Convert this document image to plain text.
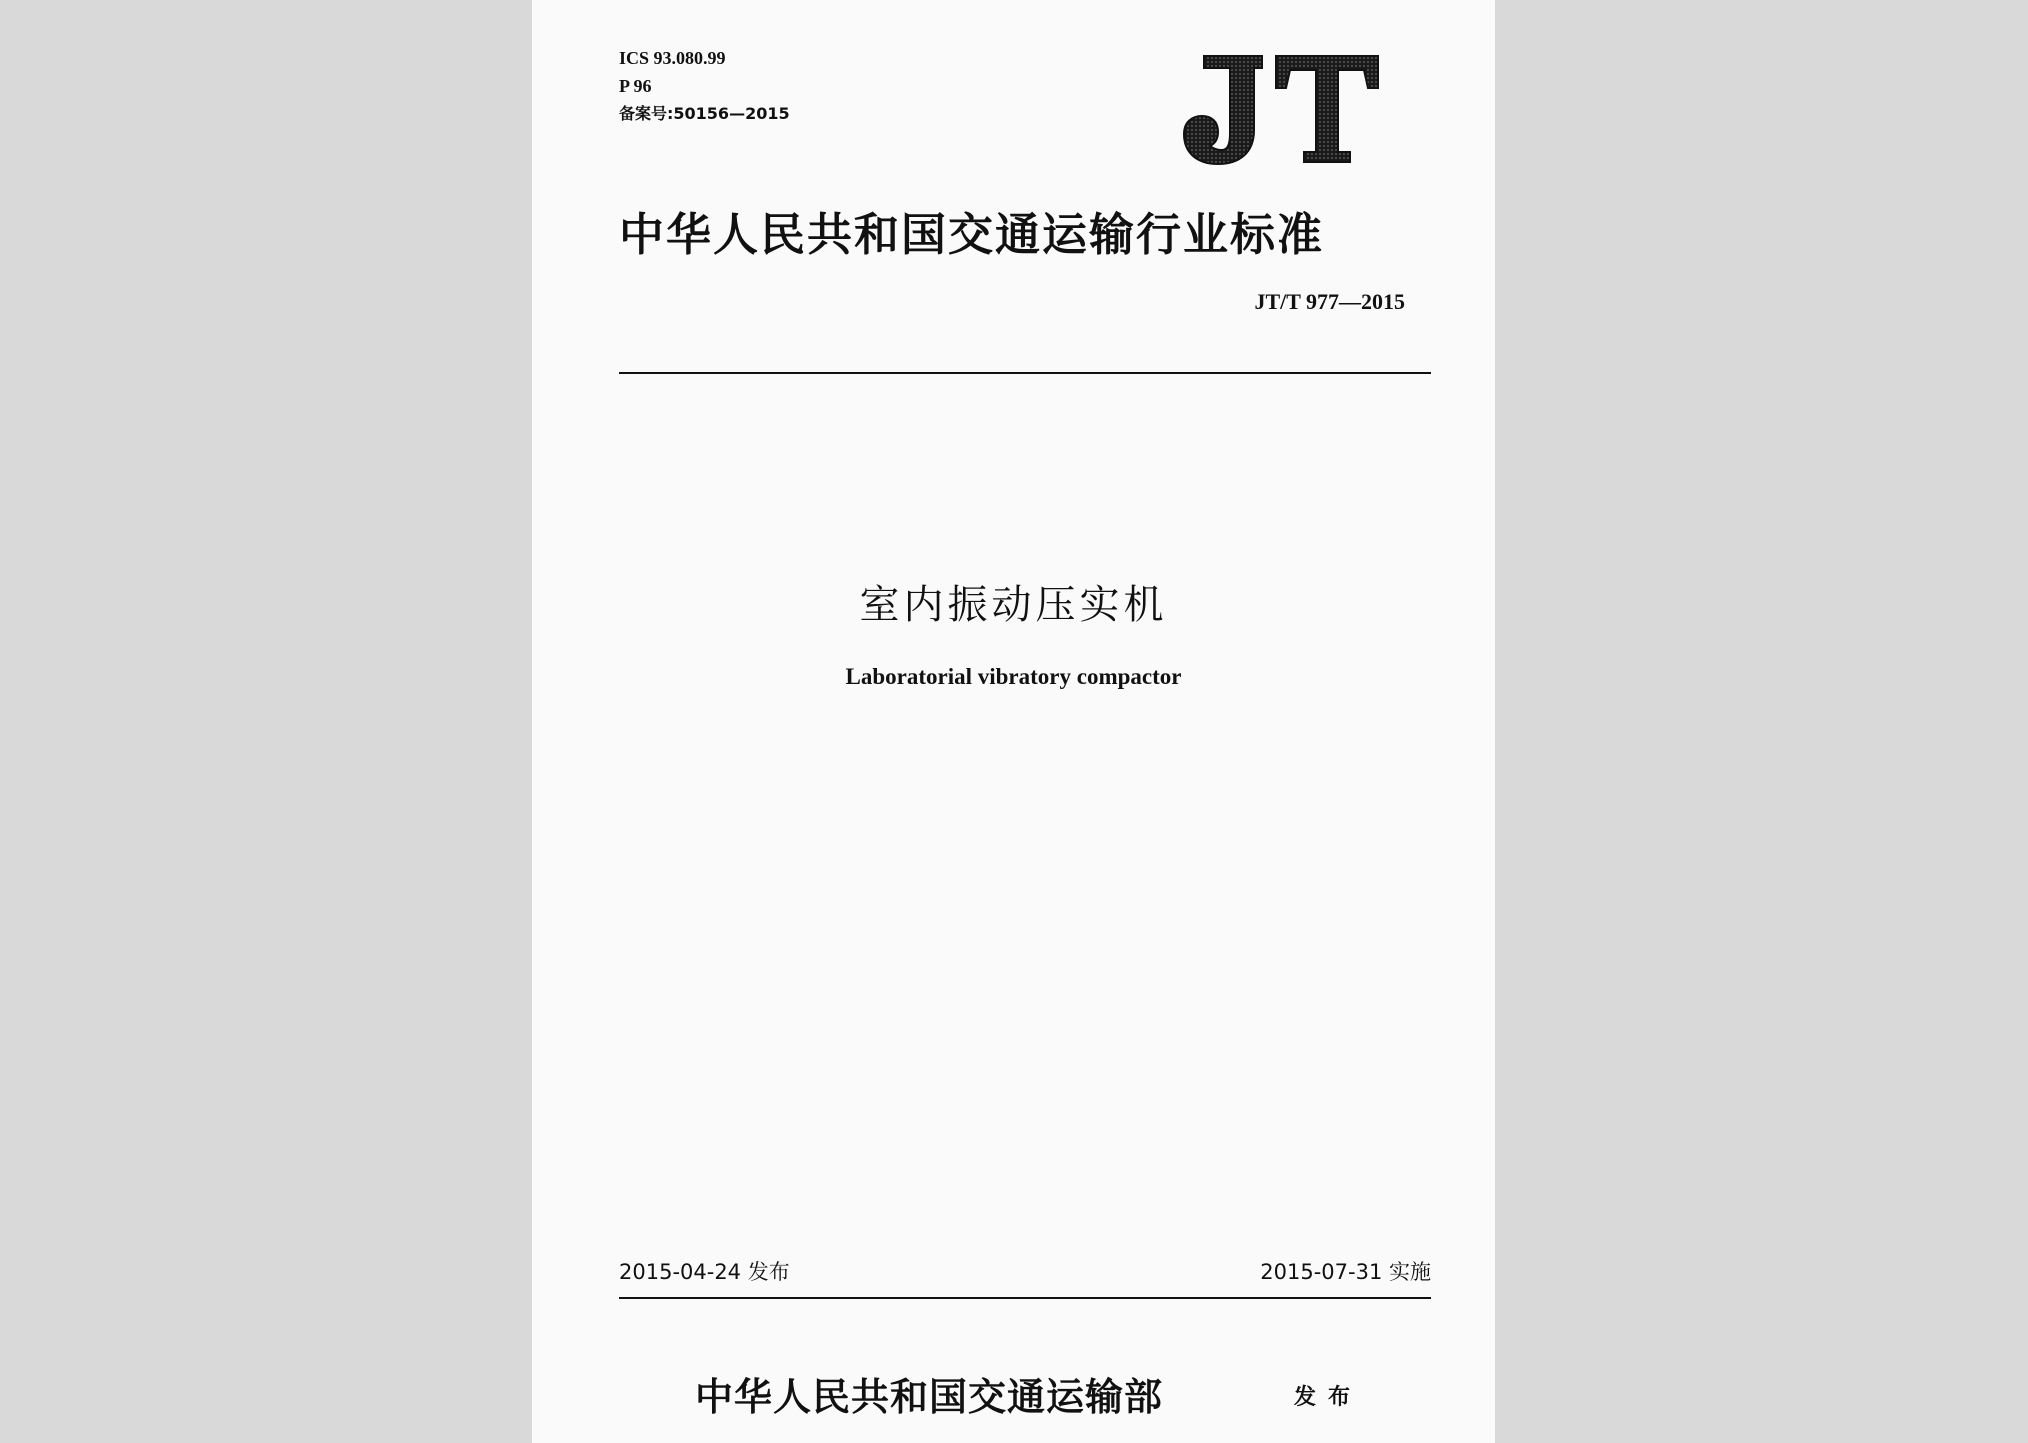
ICS 93.080.99
P 96
备案号:50156—2015
中华人民共和国交通运输行业标准
JT/T 977—2015
室内振动压实机
Laboratorial vibratory compactor
2015-04-24 发布	2015-07-31 实施
中华人民共和国交通运输部	发布
